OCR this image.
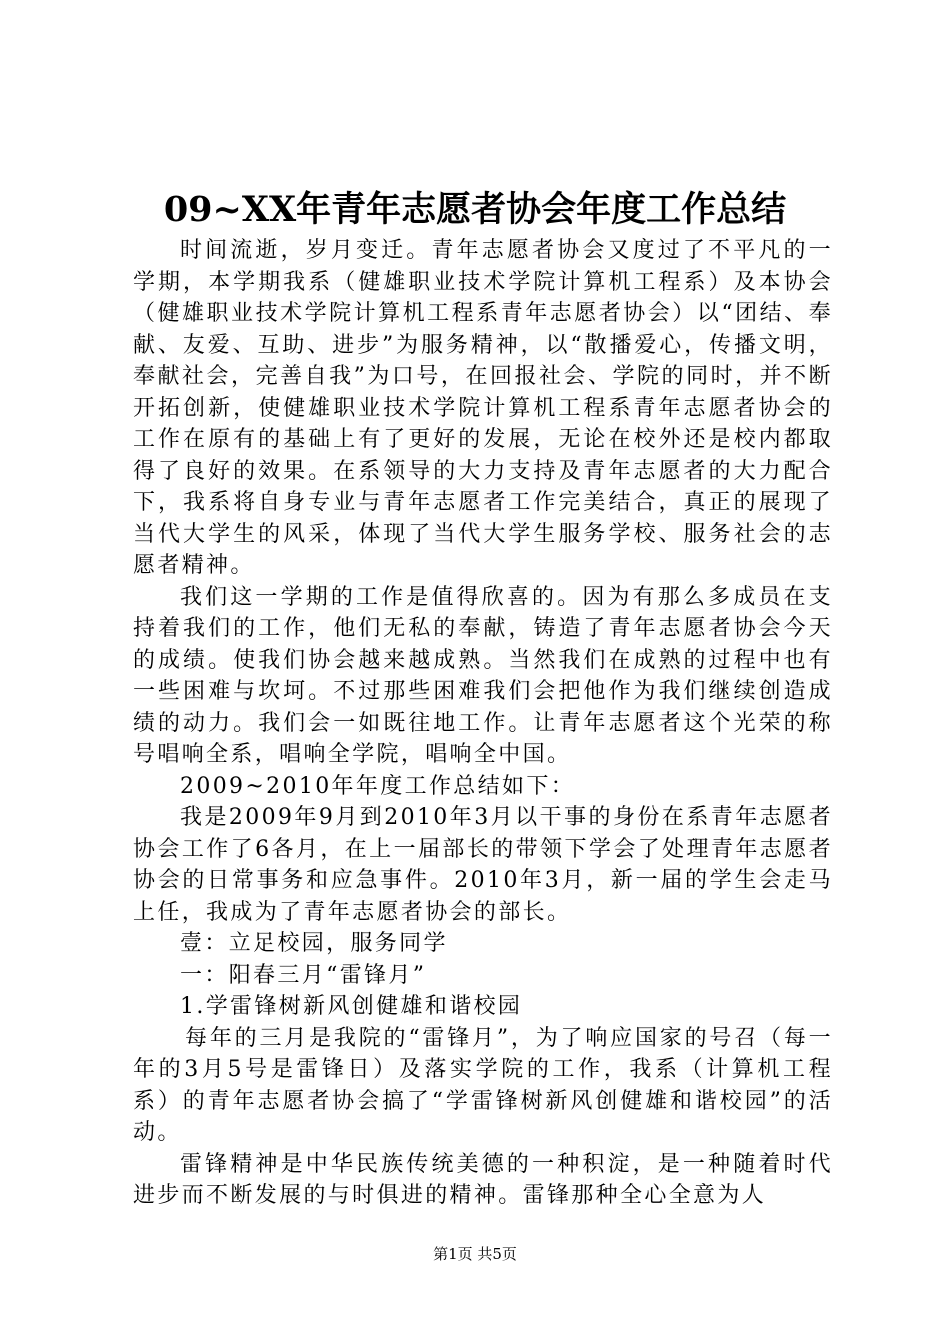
09~XX年青年志愿者协会年度工作总结

时间流逝，岁月变迁。青年志愿者协会又度过了不平凡的一学期，本学期我系（健雄职业技术学院计算机工程系）及本协会（健雄职业技术学院计算机工程系青年志愿者协会）以“团结、奉献、友爱、互助、进步”为服务精神，以“散播爱心，传播文明，奉献社会，完善自我”为口号，在回报社会、学院的同时，并不断开拓创新，使健雄职业技术学院计算机工程系青年志愿者协会的工作在原有的基础上有了更好的发展，无论在校外还是校内都取得了良好的效果。在系领导的大力支持及青年志愿者的大力配合下，我系将自身专业与青年志愿者工作完美结合，真正的展现了当代大学生的风采，体现了当代大学生服务学校、服务社会的志愿者精神。

我们这一学期的工作是值得欣喜的。因为有那么多成员在支持着我们的工作，他们无私的奉献，铸造了青年志愿者协会今天的成绩。使我们协会越来越成熟。当然我们在成熟的过程中也有一些困难与坎坷。不过那些困难我们会把他作为我们继续创造成绩的动力。我们会一如既往地工作。让青年志愿者这个光荣的称号唱响全系，唱响全学院，唱响全中国。

2009~2010年年度工作总结如下：

我是2009年9月到2010年3月以干事的身份在系青年志愿者协会工作了6各月，在上一届部长的带领下学会了处理青年志愿者协会的日常事务和应急事件。2010年3月，新一届的学生会走马上任，我成为了青年志愿者协会的部长。

壹：立足校园，服务同学

一：阳春三月“雷锋月”

1.学雷锋树新风创健雄和谐校园

每年的三月是我院的“雷锋月”，为了响应国家的号召（每一年的3月5号是雷锋日）及落实学院的工作，我系（计算机工程系）的青年志愿者协会搞了“学雷锋树新风创健雄和谐校园”的活动。

雷锋精神是中华民族传统美德的一种积淀，是一种随着时代进步而不断发展的与时俱进的精神。雷锋那种全心全意为人

第1页 共5页
